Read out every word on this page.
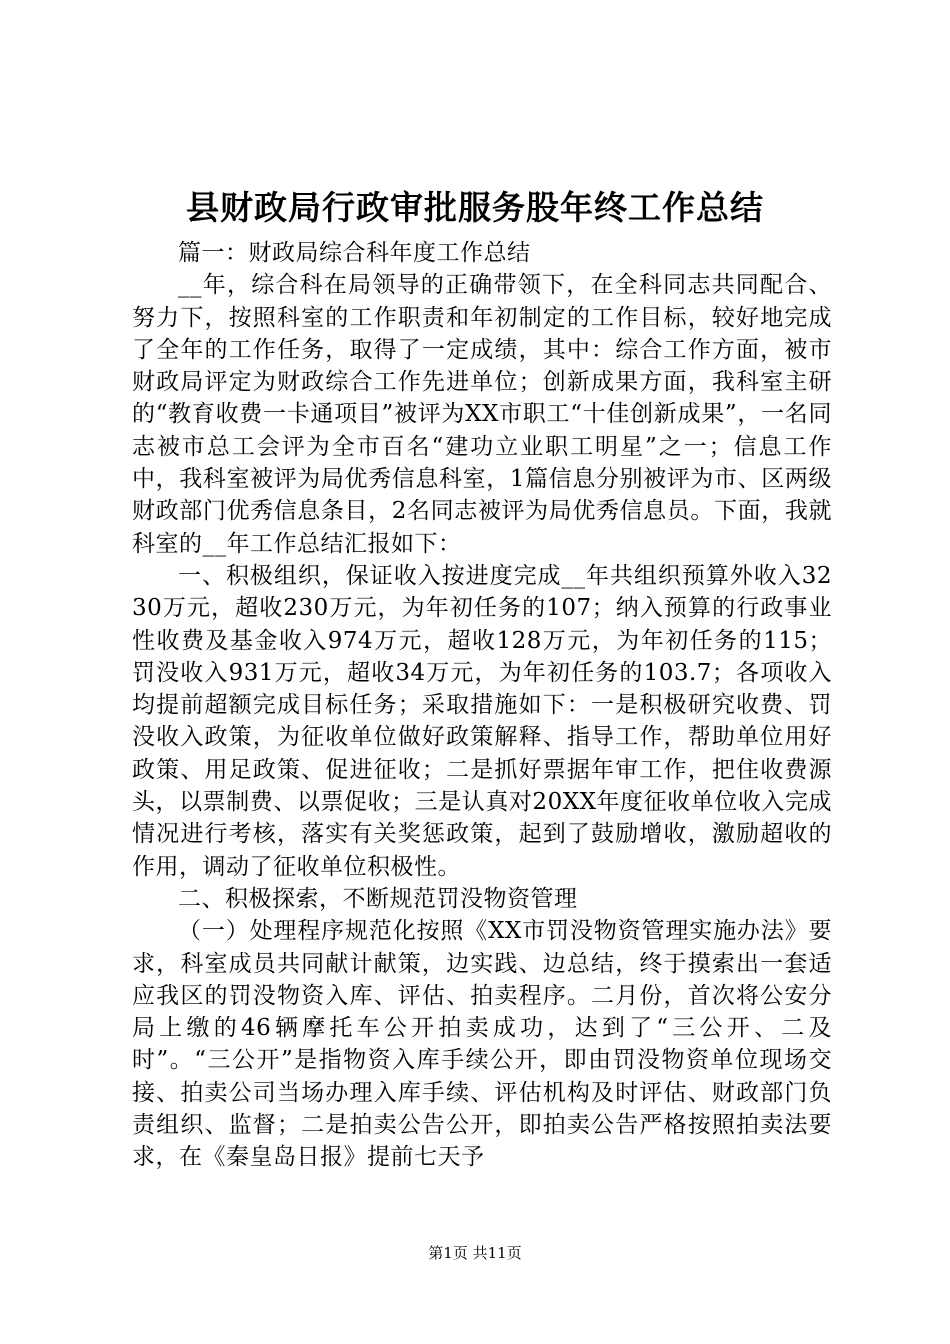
县财政局行政审批服务股年终工作总结

篇一：财政局综合科年度工作总结

__年，综合科在局领导的正确带领下，在全科同志共同配合、努力下，按照科室的工作职责和年初制定的工作目标，较好地完成了全年的工作任务，取得了一定成绩，其中：综合工作方面，被市财政局评定为财政综合工作先进单位；创新成果方面，我科室主研的“教育收费一卡通项目”被评为XX市职工“十佳创新成果”，一名同志被市总工会评为全市百名“建功立业职工明星”之一；信息工作中，我科室被评为局优秀信息科室，1篇信息分别被评为市、区两级财政部门优秀信息条目，2名同志被评为局优秀信息员。下面，我就科室的__年工作总结汇报如下：

一、积极组织，保证收入按进度完成__年共组织预算外收入3230万元，超收230万元，为年初任务的107；纳入预算的行政事业性收费及基金收入974万元，超收128万元，为年初任务的115；罚没收入931万元，超收34万元，为年初任务的103.7；各项收入均提前超额完成目标任务；采取措施如下：一是积极研究收费、罚没收入政策，为征收单位做好政策解释、指导工作，帮助单位用好政策、用足政策、促进征收；二是抓好票据年审工作，把住收费源头，以票制费、以票促收；三是认真对20XX年度征收单位收入完成情况进行考核，落实有关奖惩政策，起到了鼓励增收，激励超收的作用，调动了征收单位积极性。

二、积极探索，不断规范罚没物资管理

（一）处理程序规范化按照《XX市罚没物资管理实施办法》要求，科室成员共同献计献策，边实践、边总结，终于摸索出一套适应我区的罚没物资入库、评估、拍卖程序。二月份，首次将公安分局上缴的46辆摩托车公开拍卖成功，达到了“三公开、二及时”。“三公开”是指物资入库手续公开，即由罚没物资单位现场交接、拍卖公司当场办理入库手续、评估机构及时评估、财政部门负责组织、监督；二是拍卖公告公开，即拍卖公告严格按照拍卖法要求，在《秦皇岛日报》提前七天予

第1页 共11页
